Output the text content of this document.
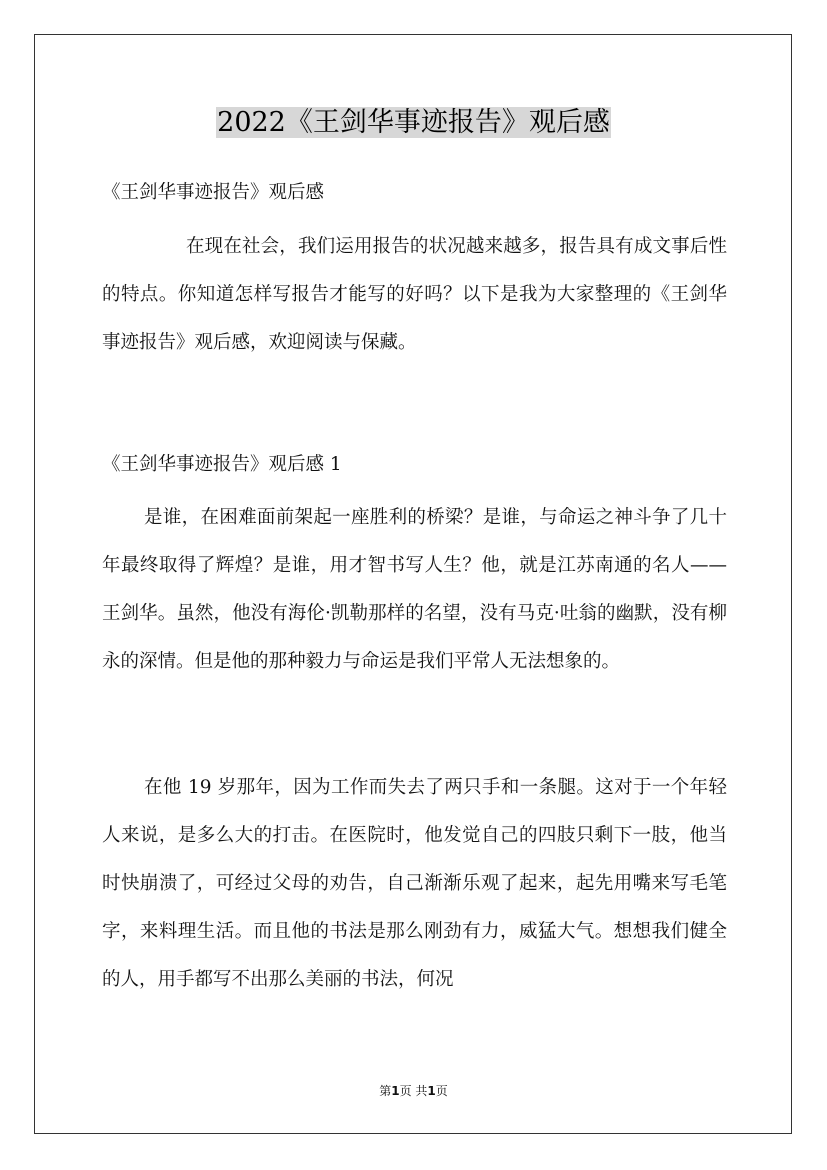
2022《王剑华事迹报告》观后感
《王剑华事迹报告》观后感
在现在社会，我们运用报告的状况越来越多，报告具有成文事后性的特点。你知道怎样写报告才能写的好吗？以下是我为大家整理的《王剑华事迹报告》观后感，欢迎阅读与保藏。
《王剑华事迹报告》观后感 1
是谁，在困难面前架起一座胜利的桥梁？是谁，与命运之神斗争了几十年最终取得了辉煌？是谁，用才智书写人生？他，就是江苏南通的名人——王剑华。虽然，他没有海伦·凯勒那样的名望，没有马克·吐翁的幽默，没有柳永的深情。但是他的那种毅力与命运是我们平常人无法想象的。
在他 19 岁那年，因为工作而失去了两只手和一条腿。这对于一个年轻人来说，是多么大的打击。在医院时，他发觉自己的四肢只剩下一肢，他当时快崩溃了，可经过父母的劝告，自己渐渐乐观了起来，起先用嘴来写毛笔字，来料理生活。而且他的书法是那么刚劲有力，威猛大气。想想我们健全的人，用手都写不出那么美丽的书法，何况
第1页 共1页
